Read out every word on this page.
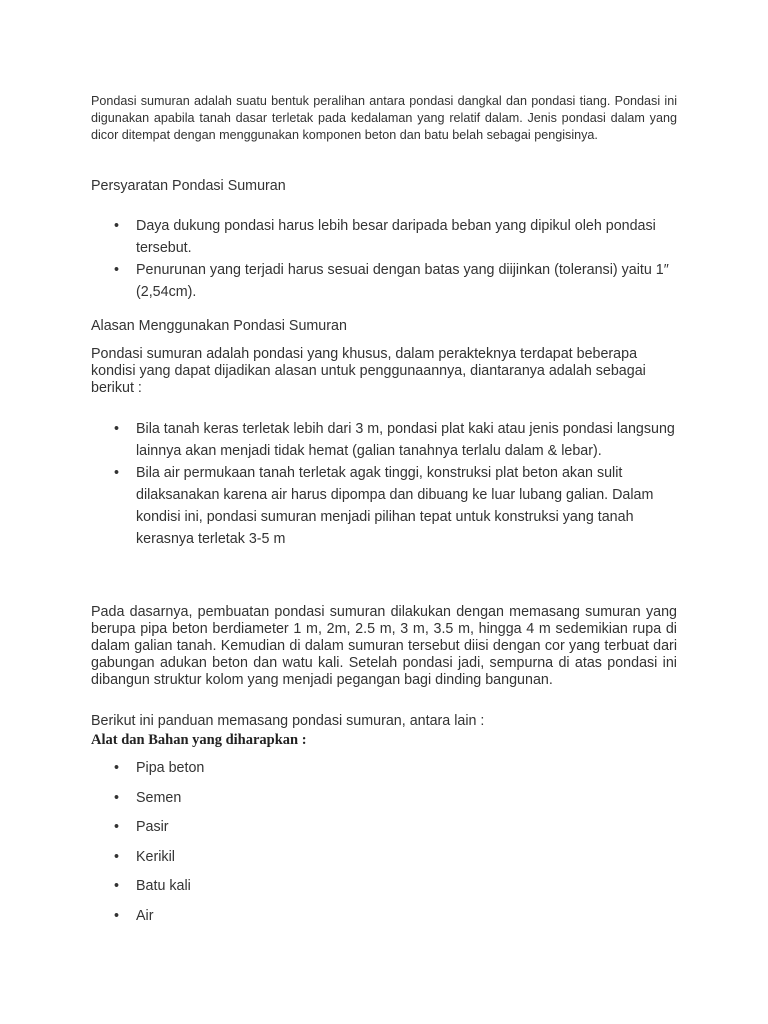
Pondasi sumuran adalah suatu bentuk peralihan antara pondasi dangkal dan pondasi tiang. Pondasi ini digunakan apabila tanah dasar terletak pada kedalaman yang relatif dalam. Jenis pondasi dalam yang dicor ditempat dengan menggunakan komponen beton dan batu belah sebagai pengisinya.

Persyaratan Pondasi Sumuran
• Daya dukung pondasi harus lebih besar daripada beban yang dipikul oleh pondasi tersebut.
• Penurunan yang terjadi harus sesuai dengan batas yang diijinkan (toleransi) yaitu 1″ (2,54cm).
Alasan Menggunakan Pondasi Sumuran

Pondasi sumuran adalah pondasi yang khusus, dalam perakteknya terdapat beberapa kondisi yang dapat dijadikan alasan untuk penggunaannya, diantaranya adalah sebagai berikut :

• Bila tanah keras terletak lebih dari 3 m, pondasi plat kaki atau jenis pondasi langsung lainnya akan menjadi tidak hemat (galian tanahnya terlalu dalam & lebar).
• Bila air permukaan tanah terletak agak tinggi, konstruksi plat beton akan sulit dilaksanakan karena air harus dipompa dan dibuang ke luar lubang galian. Dalam kondisi ini, pondasi sumuran menjadi pilihan tepat untuk konstruksi yang tanah kerasnya terletak 3-5 m

Pada dasarnya, pembuatan pondasi sumuran dilakukan dengan memasang sumuran yang berupa pipa beton berdiameter 1 m, 2m, 2.5 m, 3 m, 3.5 m, hingga 4 m sedemikian rupa di dalam galian tanah. Kemudian di dalam sumuran tersebut diisi dengan cor yang terbuat dari gabungan adukan beton dan watu kali. Setelah pondasi jadi, sempurna di atas pondasi ini dibangun struktur kolom yang menjadi pegangan bagi dinding bangunan.

Berikut ini panduan memasang pondasi sumuran, antara lain :
Alat dan Bahan yang diharapkan :
• Pipa beton
• Semen
• Pasir
• Kerikil
• Batu kali
• Air
